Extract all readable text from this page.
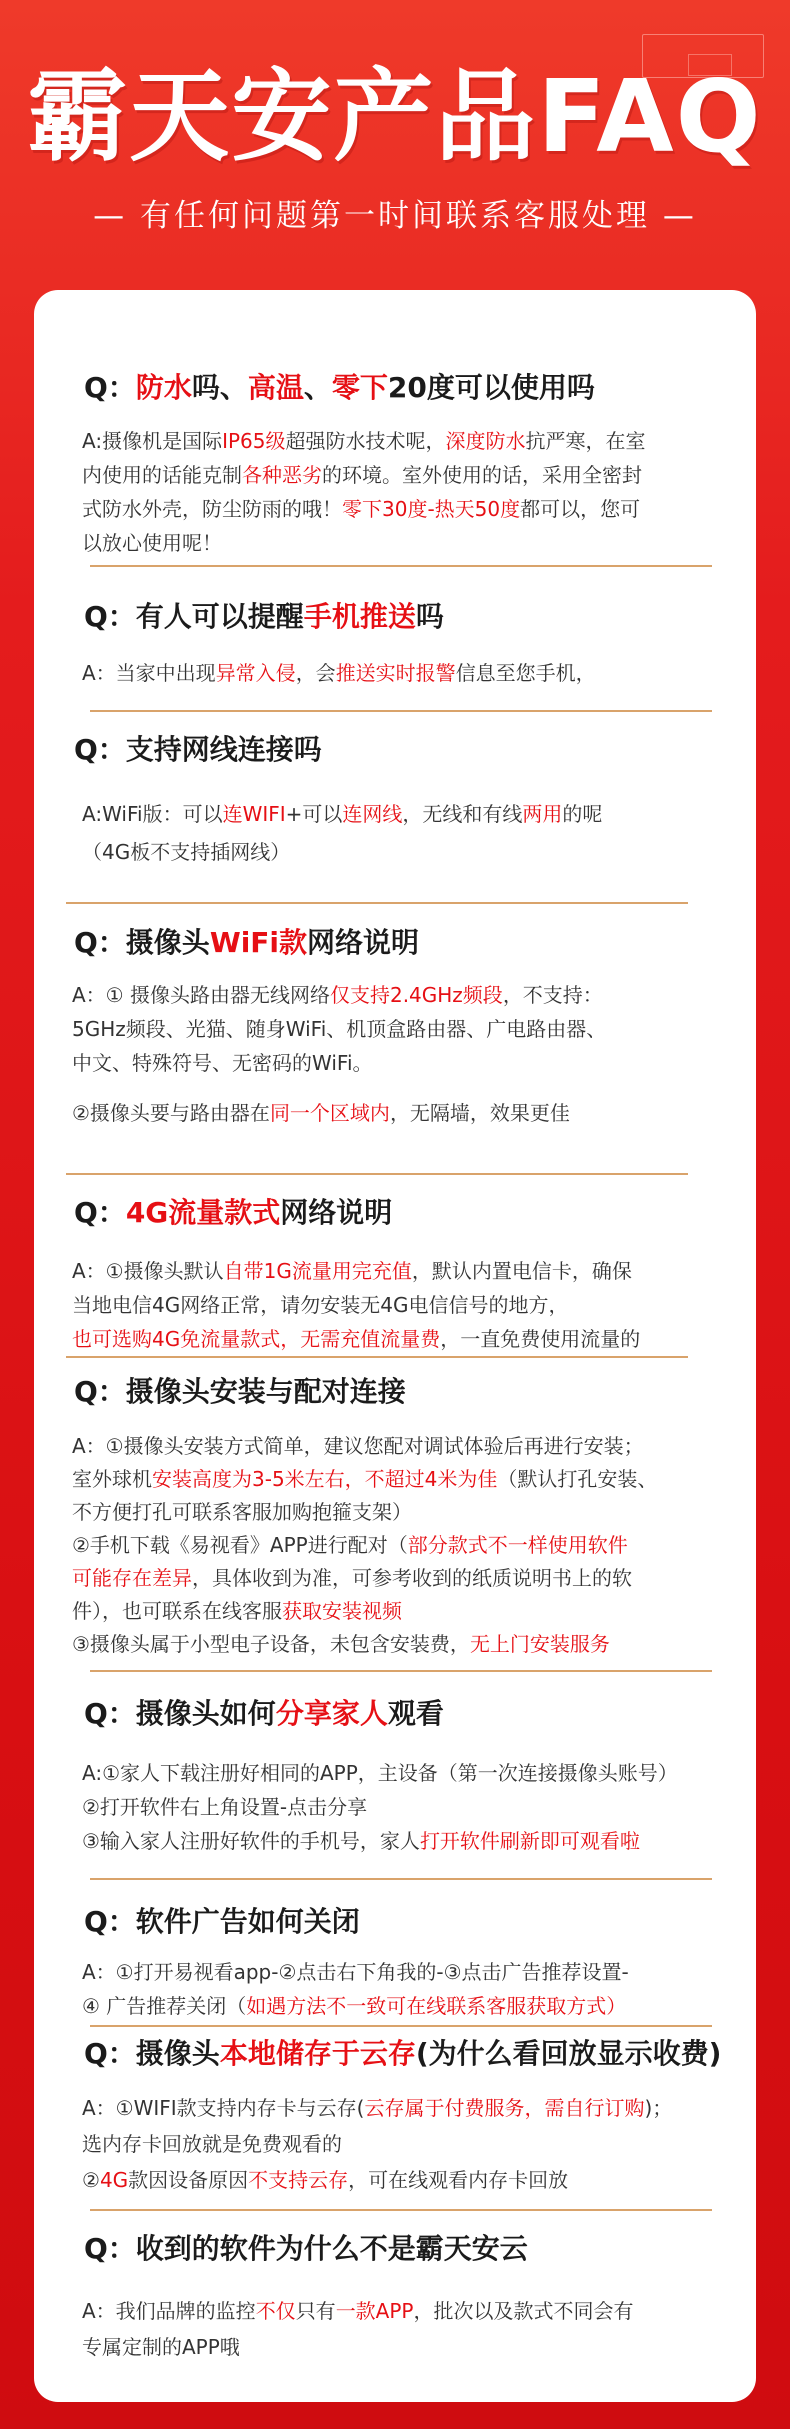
霸天安产品FAQ
— 有任何问题第一时间联系客服处理 —
Q：防水吗、高温、零下20度可以使用吗
A:摄像机是国际IP65级超强防水技术呢，深度防水抗严寒，在室
内使用的话能克制各种恶劣的环境。室外使用的话，采用全密封
式防水外壳，防尘防雨的哦！零下30度-热天50度都可以，您可
以放心使用呢！
Q：有人可以提醒手机推送吗
A：当家中出现异常入侵，会推送实时报警信息至您手机，
Q：支持网线连接吗
A:WiFi版：可以连WIFI+可以连网线，无线和有线两用的呢
（4G板不支持插网线）
Q：摄像头WiFi款网络说明
A：① 摄像头路由器无线网络仅支持2.4GHz频段，不支持：
5GHz频段、光猫、随身WiFi、机顶盒路由器、广电路由器、
中文、特殊符号、无密码的WiFi。
②摄像头要与路由器在同一个区域内，无隔墙，效果更佳
Q：4G流量款式网络说明
A：①摄像头默认自带1G流量用完充值，默认内置电信卡，确保
当地电信4G网络正常，请勿安装无4G电信信号的地方，
也可选购4G免流量款式，无需充值流量费，一直免费使用流量的
Q：摄像头安装与配对连接
A：①摄像头安装方式简单，建议您配对调试体验后再进行安装；
室外球机安装高度为3-5米左右，不超过4米为佳（默认打孔安装、
不方便打孔可联系客服加购抱箍支架）
②手机下载《易视看》APP进行配对（部分款式不一样使用软件
可能存在差异，具体收到为准，可参考收到的纸质说明书上的软
件），也可联系在线客服获取安装视频
③摄像头属于小型电子设备，未包含安装费，无上门安装服务
Q：摄像头如何分享家人观看
A:①家人下载注册好相同的APP，主设备（第一次连接摄像头账号）
②打开软件右上角设置-点击分享
③输入家人注册好软件的手机号，家人打开软件刷新即可观看啦
Q：软件广告如何关闭
A：①打开易视看app-②点击右下角我的-③点击广告推荐设置-
④ 广告推荐关闭（如遇方法不一致可在线联系客服获取方式）
Q：摄像头本地储存于云存(为什么看回放显示收费)
A：①WIFI款支持内存卡与云存(云存属于付费服务，需自行订购)；
选内存卡回放就是免费观看的
②4G款因设备原因不支持云存，可在线观看内存卡回放
Q：收到的软件为什么不是霸天安云
A：我们品牌的监控不仅只有一款APP，批次以及款式不同会有
专属定制的APP哦
